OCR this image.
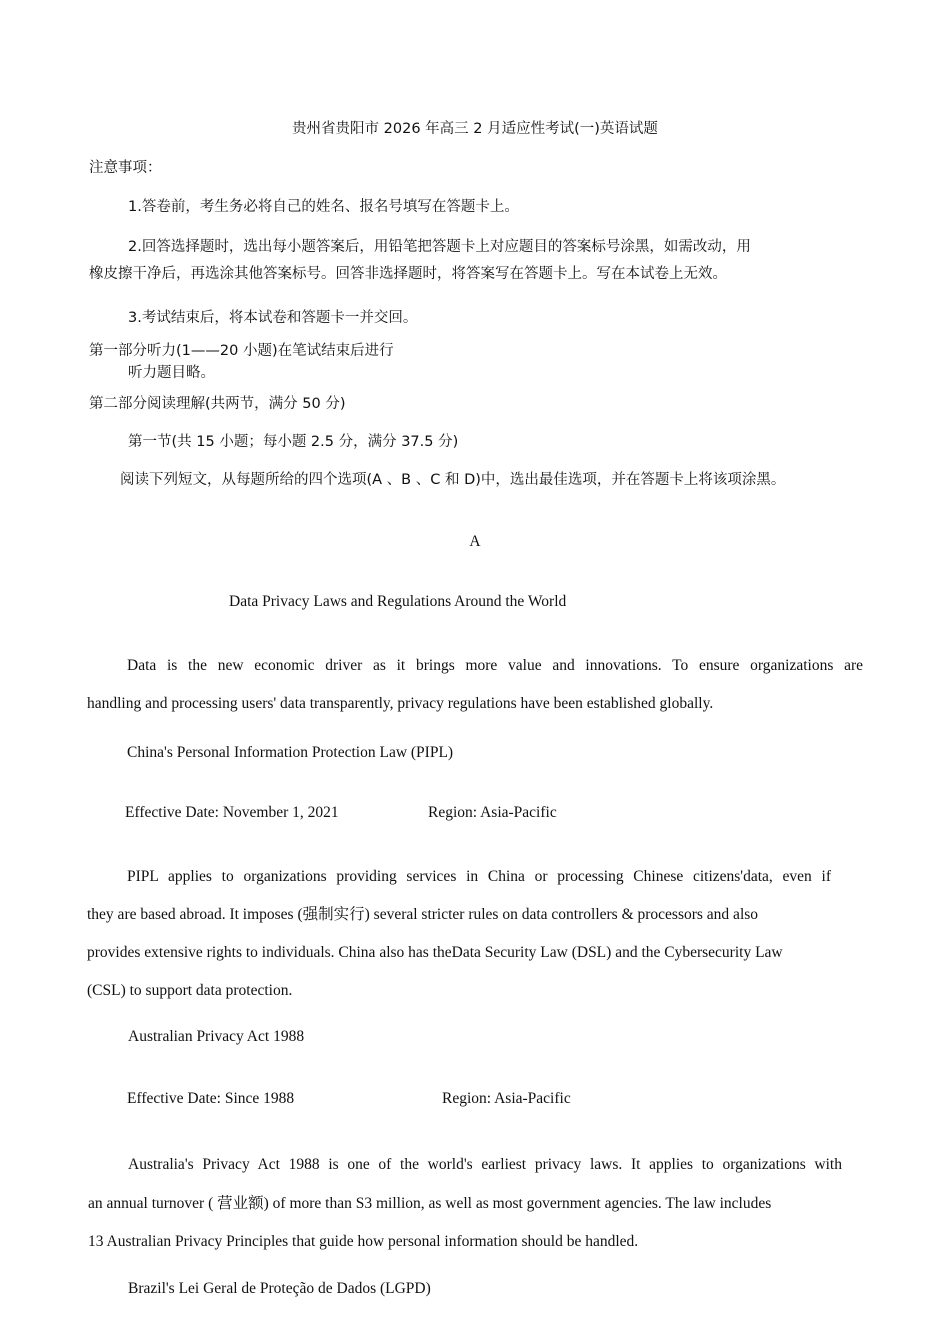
贵州省贵阳市 2026 年高三 2 月适应性考试(一)英语试题
注意事项：
1.答卷前，考生务必将自己的姓名、报名号填写在答题卡上。
2.回答选择题时，选出每小题答案后，用铅笔把答题卡上对应题目的答案标号涂黑，如需改动，用
橡皮擦干净后，再选涂其他答案标号。回答非选择题时，将答案写在答题卡上。写在本试卷上无效。
3.考试结束后，将本试卷和答题卡一并交回。
第一部分听力(1——20 小题)在笔试结束后进行
听力题目略。
第二部分阅读理解(共两节，满分 50 分)
第一节(共 15 小题；每小题 2.5 分，满分 37.5 分)
阅读下列短文，从每题所给的四个选项(A 、B 、C 和 D)中，选出最佳选项，并在答题卡上将该项涂黑。
A
Data Privacy Laws and Regulations Around the World
Data is the new economic driver as it brings more value and innovations. To ensure organizations are
handling and processing users' data transparently, privacy regulations have been established globally.
China's Personal Information Protection Law (PIPL)
Effective Date: November 1, 2021	Region: Asia-Pacific
PIPL applies to organizations providing services in China or processing Chinese citizens'data, even if
they are based abroad. It imposes (强制实行) several stricter rules on data controllers & processors and also
provides extensive rights to individuals. China also has theData Security Law (DSL) and the Cybersecurity Law
(CSL) to support data protection.
Australian Privacy Act 1988
Effective Date: Since 1988	Region: Asia-Pacific
Australia's Privacy Act 1988 is one of the world's earliest privacy laws. It applies to organizations with
an annual turnover ( 营业额) of more than S3 million, as well as most government agencies. The law includes
13 Australian Privacy Principles that guide how personal information should be handled.
Brazil's Lei Geral de Proteção de Dados (LGPD)
